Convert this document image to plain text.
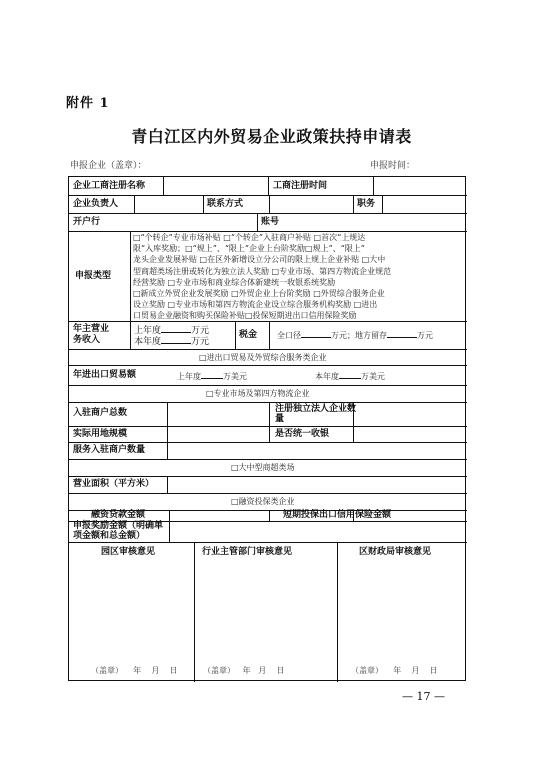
附件 1
青白江区内外贸易企业政策扶持申请表
申报企业（盖章）：	申报时间：
企业工商注册名称	工商注册时间
企业负责人	联系方式	职务
开户行	账号
申报类型
□“个转企”专业市场补贴 □“个转企”入驻商户补贴 □首次“上规达
限”入库奖励；□“规上”、“限上”企业上台阶奖励□规上”、“限上”
龙头企业发展补贴 □在区外新增设立分公司的限上规上企业补贴 □大中
型商超类场注册或转化为独立法人奖励 □专业市场、第四方物流企业规范
经营奖励 □专业市场和商业综合体新建统一收银系统奖励
□新成立外贸企业发展奖励 □外贸企业上台阶奖励 □外贸综合服务企业
设立奖励 □专业市场和第四方物流企业设立综合服务机构奖励 □进出
口贸易企业融资和购买保险补贴□投保短期进出口信用保险奖励
年主营业
务收入
上年度	万元
本年度	万元
税金 全口径	万元；地方留存	万元
□进出口贸易及外贸综合服务类企业
年进出口贸易额	上年度	万美元	本年度	万美元
□专业市场及第四方物流企业
入驻商户总数	注册独立法人企业数
量
实际用地规模	是否统一收银
服务入驻商户数量
□大中型商超类场
营业面积（平方米）
□融资投保类企业
融资贷款金额	短期投保出口信用保险金额
申报奖励金额（明确单
项金额和总金额）
园区审核意见	行业主管部门审核意见	区财政局审核意见
（盖章） 年 月 日	（盖章） 年 月 日	（盖章） 年 月 日
— 17 —
